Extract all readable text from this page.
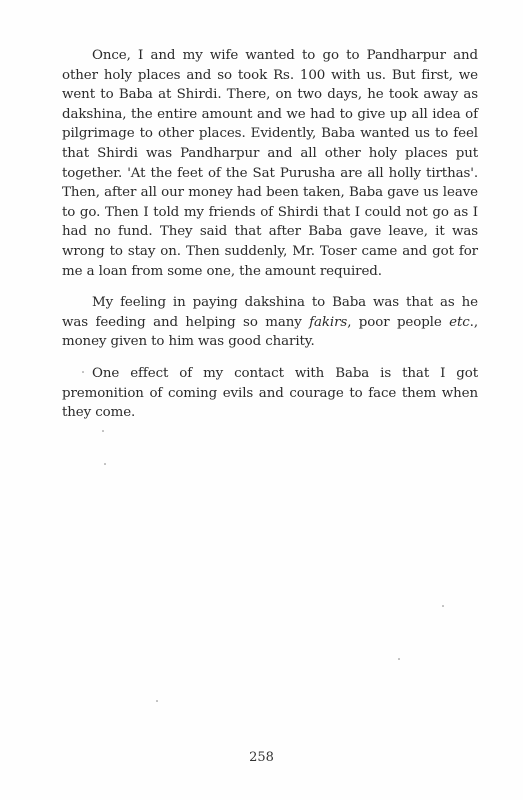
Once, I and my wife wanted to go to Pandharpur and other holy places and so took Rs. 100 with us. But first, we went to Baba at Shirdi. There, on two days, he took away as dakshina, the entire amount and we had to give up all idea of pilgrimage to other places. Evidently, Baba wanted us to feel that Shirdi was Pandharpur and all other holy places put together. 'At the feet of the Sat Purusha are all holly tirthas'. Then, after all our money had been taken, Baba gave us leave to go. Then I told my friends of Shirdi that I could not go as I had no fund. They said that after Baba gave leave, it was wrong to stay on. Then suddenly, Mr. Toser came and got for me a loan from some one, the amount required.

My feeling in paying dakshina to Baba was that as he was feeding and helping so many fakirs, poor people etc., money given to him was good charity.

One effect of my contact with Baba is that I got premonition of coming evils and courage to face them when they come.

258
